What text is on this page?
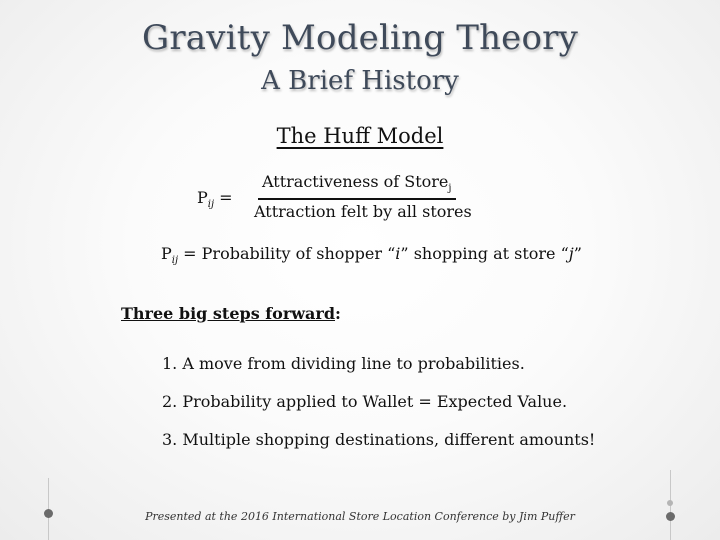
Gravity Modeling Theory
A Brief History
The Huff Model
$P_{ij}$ =
Attractiveness of Store$_j$
Attraction felt by all stores
$P_{ij}$ = Probability of shopper “i” shopping at store “j”
Three big steps forward:
1. A move from dividing line to probabilities.
2. Probability applied to Wallet = Expected Value.
3. Multiple shopping destinations, different amounts!
Presented at the 2016 International Store Location Conference by Jim Puffer
